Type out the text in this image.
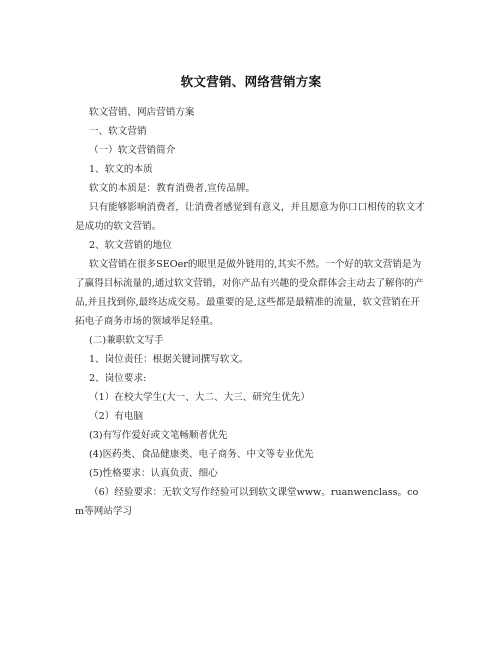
软文营销、网络营销方案

软文营销、网店营销方案

一、软文营销

（一）软文营销简介

1、软文的本质

软文的本质是：教育消费者,宣传品牌。

只有能够影响消费者，让消费者感觉到有意义，并且愿意为你口口相传的软文才是成功的软文营销。

2、软文营销的地位

软文营销在很多SEOer的眼里是做外链用的,其实不然。一个好的软文营销是为了赢得目标流量的,通过软文营销，对你产品有兴趣的受众群体会主动去了解你的产品,并且找到你,最终达成交易。最重要的是,这些都是最精准的流量，软文营销在开拓电子商务市场的领域举足轻重。

(二)兼职软文写手

1、岗位责任：根据关键词撰写软文。

2、岗位要求:

（1）在校大学生(大一、大二、大三、研究生优先）

（2）有电脑

(3)有写作爱好或文笔畅顺者优先

(4)医药类、食品健康类、电子商务、中文等专业优先

(5)性格要求：认真负责、细心

（6）经验要求：无软文写作经验可以到软文课堂www。ruanwenclass。com等网站学习
